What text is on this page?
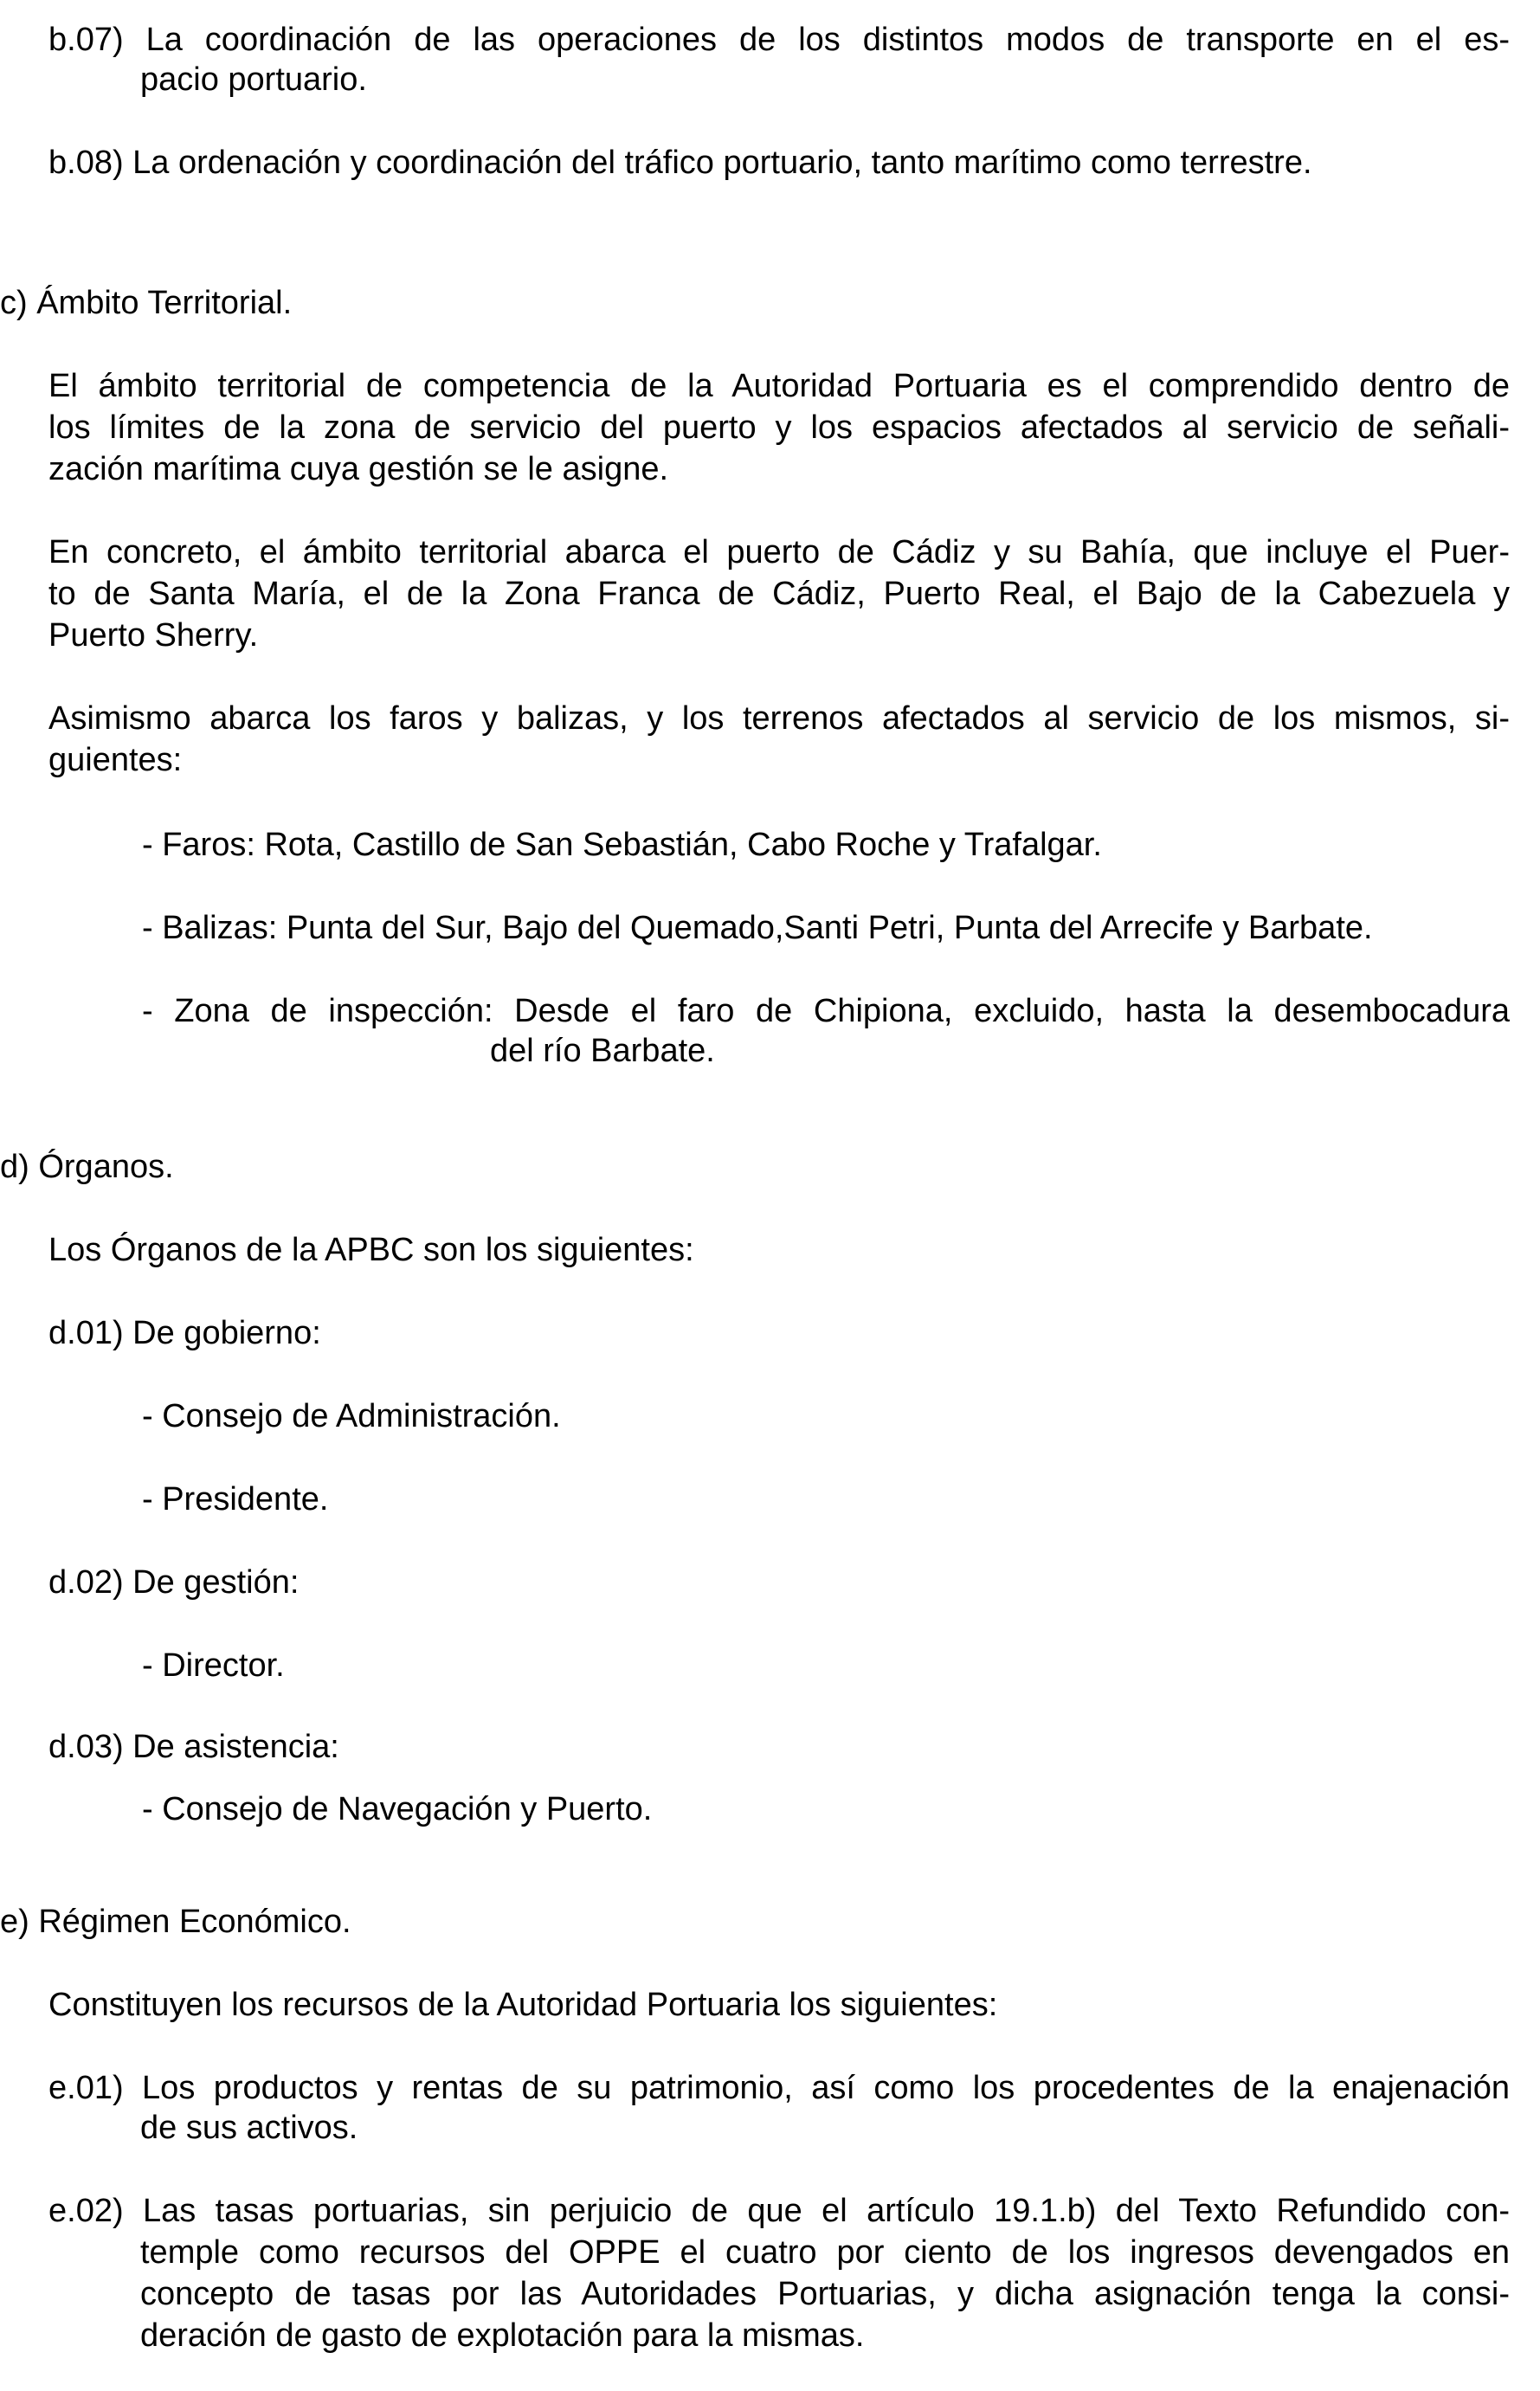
b.07) La coordinación de las operaciones de los distintos modos de transporte en el es-
pacio portuario.
b.08) La ordenación y coordinación del tráfico portuario, tanto marítimo como terrestre.
c) Ámbito Territorial.
El ámbito territorial de competencia de la Autoridad Portuaria es el comprendido dentro de
los límites de la zona de servicio del puerto y los espacios afectados al servicio de señali-
zación marítima cuya gestión se le asigne.
En concreto, el ámbito territorial abarca el puerto de Cádiz y su Bahía, que incluye el Puer-
to de Santa María, el de la Zona Franca de Cádiz, Puerto Real, el Bajo de la Cabezuela y
Puerto Sherry.
Asimismo abarca los faros y balizas, y los terrenos afectados al servicio de los mismos, si-
guientes:
- Faros: Rota, Castillo de San Sebastián, Cabo Roche y Trafalgar.
- Balizas: Punta del Sur, Bajo del Quemado,Santi Petri, Punta del Arrecife y Barbate.
- Zona de inspección: Desde el faro de Chipiona, excluido, hasta la desembocadura
del río Barbate.
d) Órganos.
Los Órganos de la APBC son los siguientes:
d.01) De gobierno:
- Consejo de Administración.
- Presidente.
d.02) De gestión:
- Director.
d.03) De asistencia:
- Consejo de Navegación y Puerto.
e) Régimen Económico.
Constituyen los recursos de la Autoridad Portuaria los siguientes:
e.01) Los productos y rentas de su patrimonio, así como los procedentes de la enajenación
de sus activos.
e.02) Las tasas portuarias, sin perjuicio de que el artículo 19.1.b) del Texto Refundido con-
temple como recursos del OPPE el cuatro por ciento de los ingresos devengados en
concepto de tasas por las Autoridades Portuarias, y dicha asignación tenga la consi-
deración de gasto de explotación para la mismas.
